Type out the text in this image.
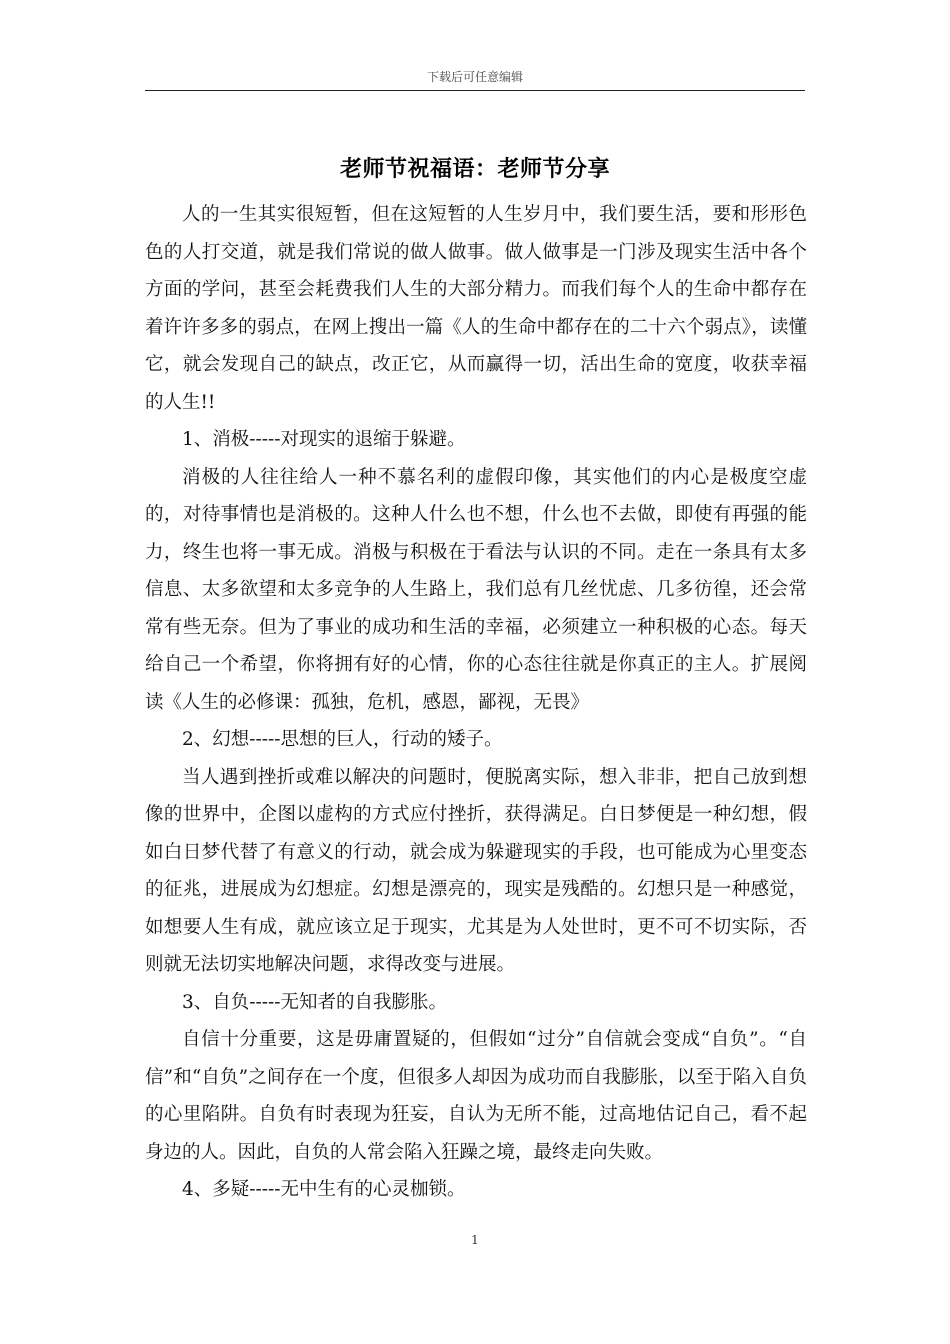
下载后可任意编辑
老师节祝福语：老师节分享

人的一生其实很短暂，但在这短暂的人生岁月中，我们要生活，要和形形色色的人打交道，就是我们常说的做人做事。做人做事是一门涉及现实生活中各个方面的学问，甚至会耗费我们人生的大部分精力。而我们每个人的生命中都存在着许许多多的弱点，在网上搜出一篇《人的生命中都存在的二十六个弱点》，读懂它，就会发现自己的缺点，改正它，从而赢得一切，活出生命的宽度，收获幸福的人生!!

1、消极-----对现实的退缩于躲避。

消极的人往往给人一种不慕名利的虚假印像，其实他们的内心是极度空虚的，对待事情也是消极的。这种人什么也不想，什么也不去做，即使有再强的能力，终生也将一事无成。消极与积极在于看法与认识的不同。走在一条具有太多信息、太多欲望和太多竞争的人生路上，我们总有几丝忧虑、几多彷徨，还会常常有些无奈。但为了事业的成功和生活的幸福，必须建立一种积极的心态。每天给自己一个希望，你将拥有好的心情，你的心态往往就是你真正的主人。扩展阅读《人生的必修课：孤独，危机，感恩，鄙视，无畏》

2、幻想-----思想的巨人，行动的矮子。

当人遇到挫折或难以解决的问题时，便脱离实际，想入非非，把自己放到想像的世界中，企图以虚构的方式应付挫折，获得满足。白日梦便是一种幻想，假如白日梦代替了有意义的行动，就会成为躲避现实的手段，也可能成为心里变态的征兆，进展成为幻想症。幻想是漂亮的，现实是残酷的。幻想只是一种感觉，如想要人生有成，就应该立足于现实，尤其是为人处世时，更不可不切实际，否则就无法切实地解决问题，求得改变与进展。

3、自负-----无知者的自我膨胀。

自信十分重要，这是毋庸置疑的，但假如“过分”自信就会变成“自负”。“自信”和“自负”之间存在一个度，但很多人却因为成功而自我膨胀，以至于陷入自负的心里陷阱。自负有时表现为狂妄，自认为无所不能，过高地估记自己，看不起身边的人。因此，自负的人常会陷入狂躁之境，最终走向失败。

4、多疑-----无中生有的心灵枷锁。

1
